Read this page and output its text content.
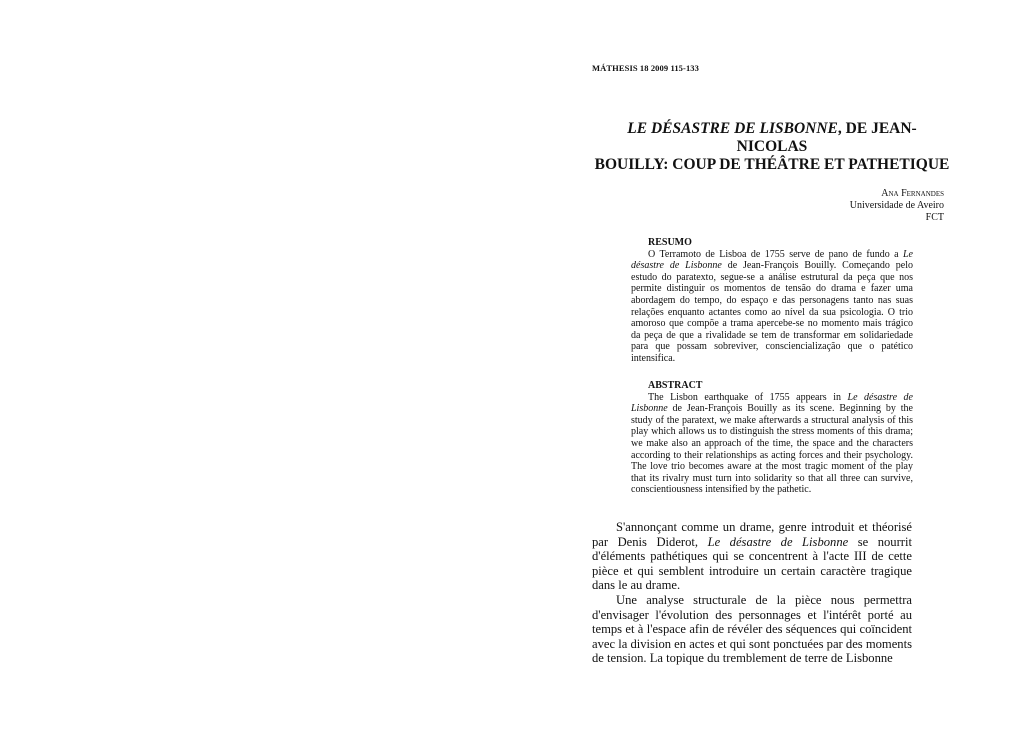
MÁTHESIS 18 2009 115-133
LE DÉSASTRE DE LISBONNE, DE JEAN-NICOLAS
BOUILLY: COUP DE THÉÂTRE ET PATHETIQUE
Ana Fernandes
Universidade de Aveiro
FCT
RESUMO
O Terramoto de Lisboa de 1755 serve de pano de fundo a Le désastre de Lisbonne de Jean-François Bouilly. Começando pelo estudo do paratexto, segue-se a análise estrutural da peça que nos permite distinguir os momentos de tensão do drama e fazer uma abordagem do tempo, do espaço e das personagens tanto nas suas relações enquanto actantes como ao nível da sua psicologia. O trio amoroso que compõe a trama apercebe-se no momento mais trágico da peça de que a rivalidade se tem de transformar em solidariedade para que possam sobreviver, consciencialização que o patético intensifica.
ABSTRACT
The Lisbon earthquake of 1755 appears in Le désastre de Lisbonne de Jean-François Bouilly as its scene. Beginning by the study of the paratext, we make afterwards a structural analysis of this play which allows us to distinguish the stress moments of this drama; we make also an approach of the time, the space and the characters according to their relationships as acting forces and their psychology. The love trio becomes aware at the most tragic moment of the play that its rivalry must turn into solidarity so that all three can survive, conscientiousness intensified by the pathetic.

S'annonçant comme un drame, genre introduit et théorisé par Denis Diderot, Le désastre de Lisbonne se nourrit d'éléments pathétiques qui se concentrent à l'acte III de cette pièce et qui semblent introduire un certain caractère tragique dans le au drame.

Une analyse structurale de la pièce nous permettra d'envisager l'évolution des personnages et l'intérêt porté au temps et à l'espace afin de révéler des séquences qui coïncident avec la division en actes et qui sont ponctuées par des moments de tension. La topique du tremblement de terre de Lisbonne
